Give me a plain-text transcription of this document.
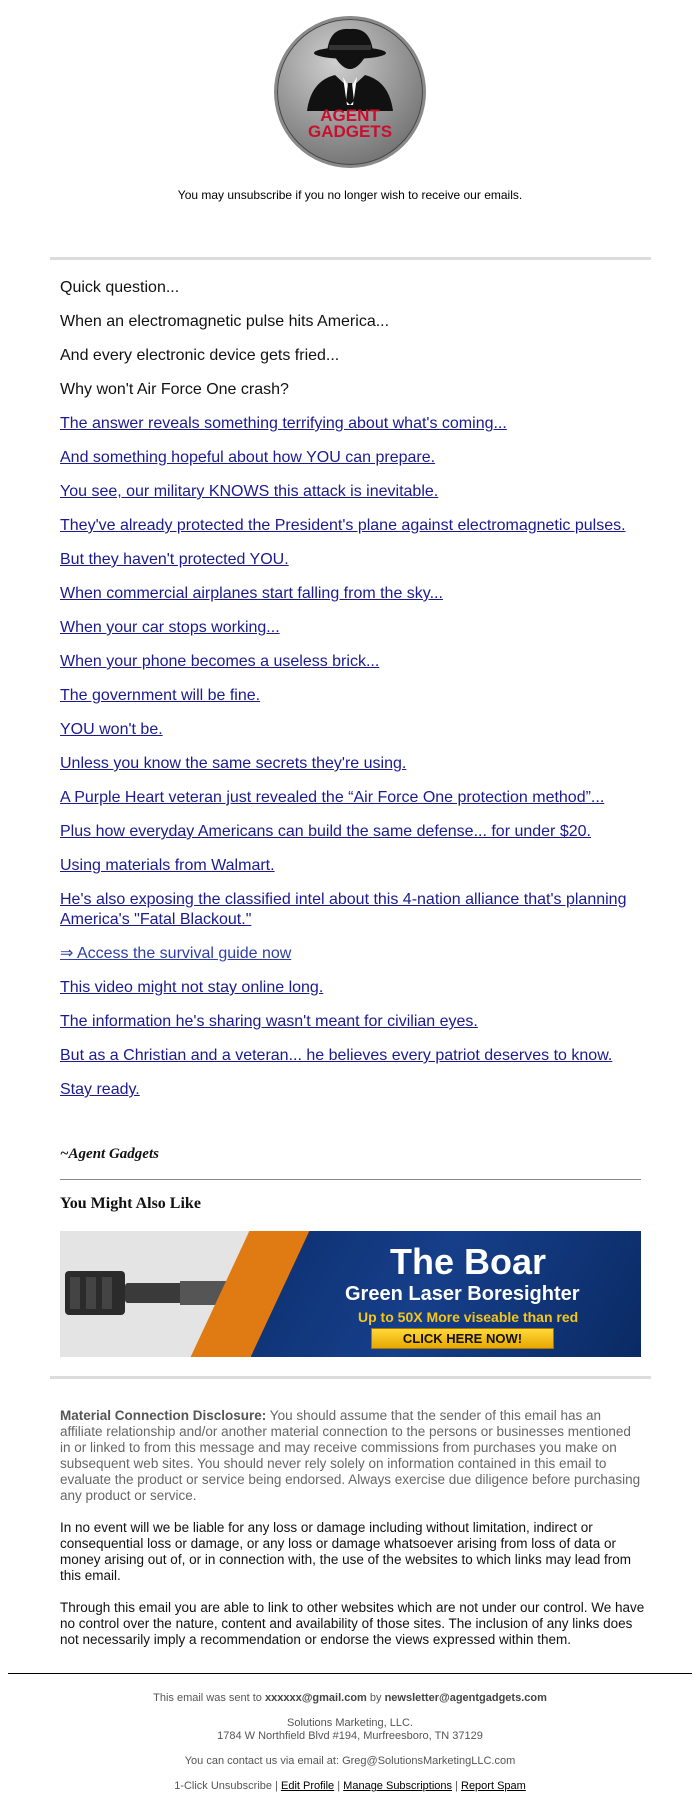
AGENT
GADGETS
You may unsubscribe if you no longer wish to receive our emails.
Quick question...
When an electromagnetic pulse hits America...
And every electronic device gets fried...
Why won't Air Force One crash?
The answer reveals something terrifying about what's coming...
And something hopeful about how YOU can prepare.
You see, our military KNOWS this attack is inevitable.
They've already protected the President's plane against electromagnetic pulses.
But they haven't protected YOU.
When commercial airplanes start falling from the sky...
When your car stops working...
When your phone becomes a useless brick...
The government will be fine.
YOU won't be.
Unless you know the same secrets they're using.
A Purple Heart veteran just revealed the “Air Force One protection method”...
Plus how everyday Americans can build the same defense... for under $20.
Using materials from Walmart.
He's also exposing the classified intel about this 4-nation alliance that's planning America's "Fatal Blackout."
⇒ Access the survival guide now
This video might not stay online long.
The information he's sharing wasn't meant for civilian eyes.
But as a Christian and a veteran... he believes every patriot deserves to know.
Stay ready.
~Agent Gadgets
You Might Also Like
The Boar
Green Laser Boresighter
Up to 50X More viseable than red
CLICK HERE NOW!

Material Connection Disclosure: You should assume that the sender of this email has an affiliate relationship and/or another material connection to the persons or businesses mentioned in or linked to from this message and may receive commissions from purchases you make on subsequent web sites. You should never rely solely on information contained in this email to evaluate the product or service being endorsed. Always exercise due diligence before purchasing any product or service.

In no event will we be liable for any loss or damage including without limitation, indirect or consequential loss or damage, or any loss or damage whatsoever arising from loss of data or money arising out of, or in connection with, the use of the websites to which links may lead from this email.

Through this email you are able to link to other websites which are not under our control. We have no control over the nature, content and availability of those sites. The inclusion of any links does not necessarily imply a recommendation or endorse the views expressed within them.

This email was sent to xxxxxx@gmail.com by newsletter@agentgadgets.com
Solutions Marketing, LLC.
1784 W Northfield Blvd #194, Murfreesboro, TN 37129
You can contact us via email at: Greg@SolutionsMarketingLLC.com
1-Click Unsubscribe | Edit Profile | Manage Subscriptions | Report Spam
